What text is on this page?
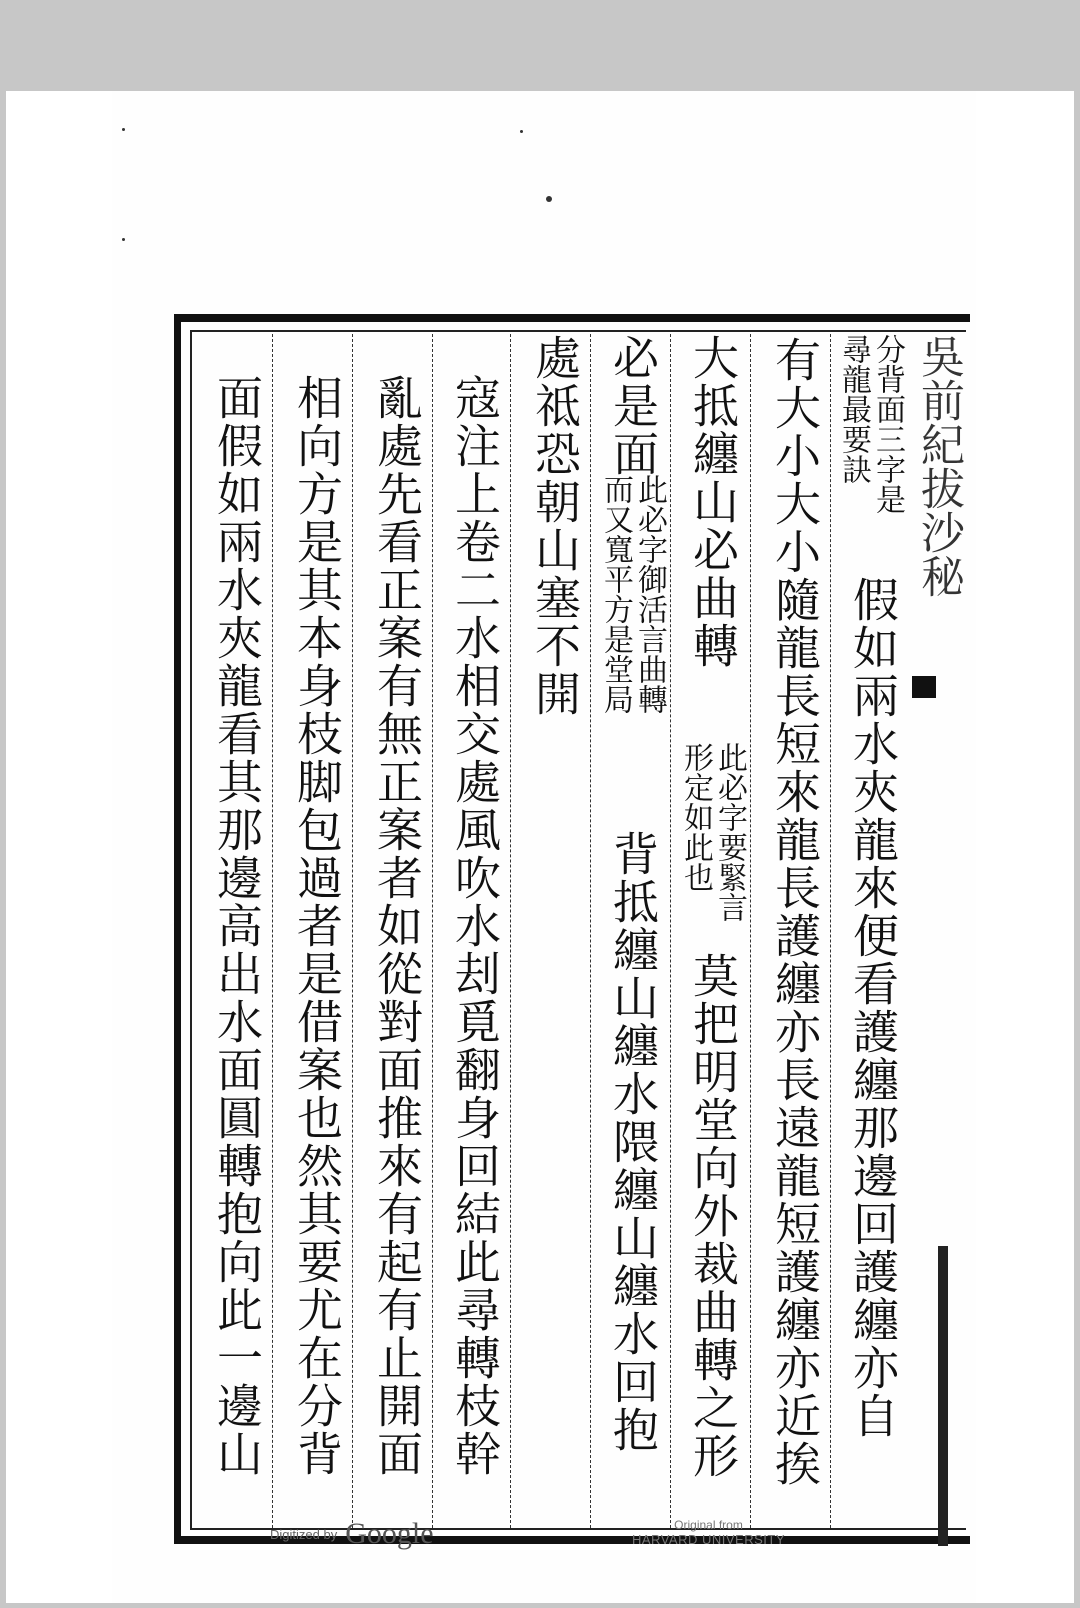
吳前紀拔沙秘
分背面三字是
尋龍最要訣
假如兩水夾龍來便看護纏那邊回護纏亦自
有大小大小隨龍長短來龍長護纏亦長遠龍短護纏亦近挨
大抵纏山必曲轉
此必字要緊言
形定如此也
莫把明堂向外裁曲轉之形
必是面
此必字御活言曲轉
而又寬平方是堂局
背抵纏山纏水隈纏山纏水回抱
處祗恐朝山塞不開
寇注上卷二水相交處風吹水刦覓翻身回結此尋轉枝幹
亂處先看正案有無正案者如從對面推來有起有止開面
相向方是其本身枝脚包過者是借案也然其要尤在分背
面假如兩水夾龍看其那邊高出水面圓轉抱向此一邊山
Digitized by Google	Original from
HARVARD UNIVERSITY
